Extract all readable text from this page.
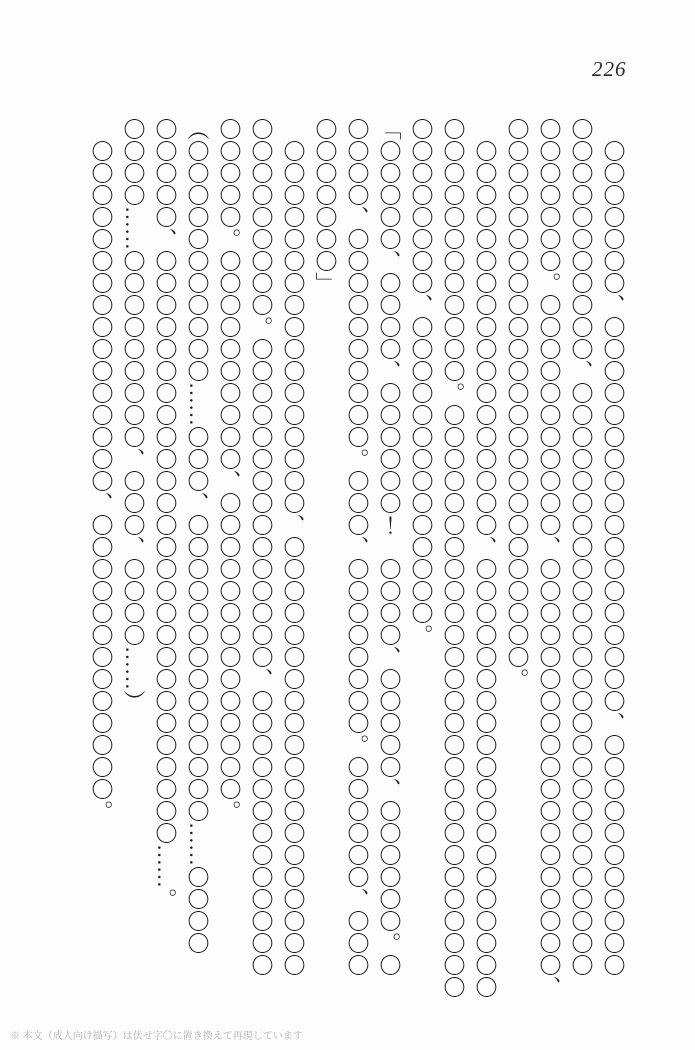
226

　〇〇〇〇〇〇〇、〇〇〇〇〇〇〇〇〇〇〇〇〇〇〇〇〇〇、〇〇〇〇〇〇〇〇〇〇〇

〇〇〇〇〇〇〇〇〇〇〇、〇〇〇〇〇〇〇〇〇〇〇〇〇〇〇〇〇〇〇〇〇〇〇〇〇〇〇

〇〇〇〇〇〇〇。〇〇〇〇〇〇〇〇〇〇〇、〇〇〇〇〇〇〇〇〇〇〇〇〇〇〇〇〇〇〇、

〇〇〇〇〇〇〇〇〇〇〇〇〇〇〇〇〇〇〇〇〇〇〇〇〇。

　〇〇〇〇〇〇〇〇〇〇〇〇〇〇〇〇〇〇、〇〇〇〇〇〇〇〇〇〇〇〇〇〇〇〇〇〇〇〇

〇〇〇〇〇〇〇〇〇〇〇〇。〇〇〇〇〇〇〇〇〇〇〇〇〇〇〇〇〇〇〇〇〇〇〇〇〇〇〇

〇〇〇〇〇〇〇〇、〇〇〇〇〇〇〇〇〇〇〇〇〇〇。

「〇〇〇〇〇、〇〇〇〇、〇〇〇〇〇〇！　〇〇〇〇、〇〇〇〇〇、〇〇〇〇〇〇。〇

〇〇〇〇、〇〇〇〇〇〇〇〇〇〇。〇〇〇、〇〇〇〇〇〇〇〇。〇〇〇〇〇〇、〇〇〇

〇〇〇〇〇〇〇」

　〇〇〇〇〇〇〇〇〇〇〇〇〇〇〇〇〇、〇〇〇〇〇〇〇〇〇〇〇〇〇〇〇〇〇〇〇〇

〇〇〇〇〇〇〇〇〇。〇〇〇〇〇〇〇〇〇〇〇〇〇〇〇、〇〇〇〇〇〇〇〇〇〇〇〇〇

〇〇〇〇〇。〇〇〇〇〇〇〇〇〇〇、〇〇〇〇〇〇〇〇〇〇〇〇〇〇。

（〇〇〇〇〇〇〇〇〇〇〇……〇〇〇、〇〇〇〇〇〇〇〇〇〇〇〇〇〇……〇〇〇〇

〇〇〇〇〇、〇〇〇〇〇〇〇〇〇〇〇〇〇〇〇〇〇〇〇〇〇〇〇〇〇〇〇……。

〇〇〇〇……〇〇〇〇〇〇〇〇〇、〇〇〇、〇〇〇〇……）

　〇〇〇〇〇〇〇〇〇〇〇〇〇〇〇〇、〇〇〇〇〇〇〇〇〇〇〇〇〇。

※ 本文（成人向け描写）は伏せ字〇に置き換えて再現しています
